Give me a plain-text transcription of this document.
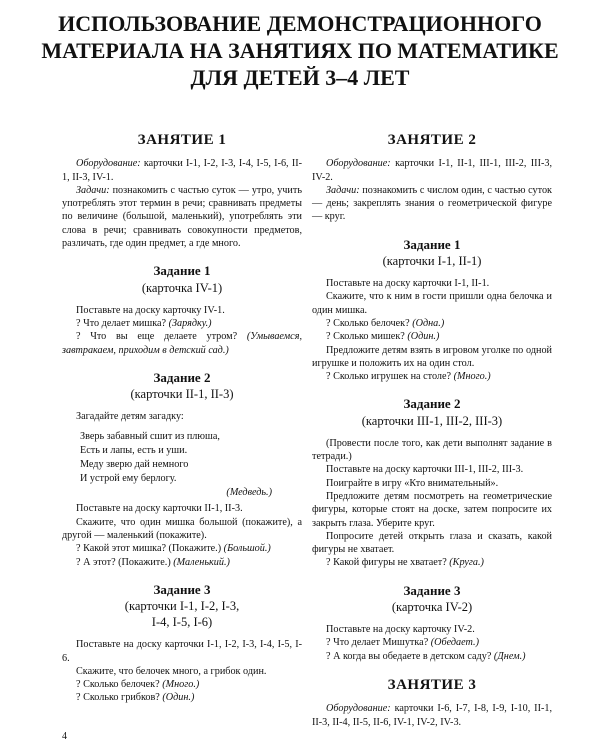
ИСПОЛЬЗОВАНИЕ ДЕМОНСТРАЦИОННОГО
МАТЕРИАЛА НА ЗАНЯТИЯХ ПО МАТЕМАТИКЕ
ДЛЯ ДЕТЕЙ 3–4 ЛЕТ
ЗАНЯТИЕ 1

Оборудование: карточки I-1, I-2, I-3, I-4, I-5, I-6, II-1, II-3, IV-1.

Задачи: познакомить с частью суток — утро, учить употреблять этот термин в речи; сравнивать предметы по величине (большой, маленький), употреблять эти слова в речи; сравнивать совокупности предметов, различать, где один предмет, а где много.

Задание 1
(карточка IV-1)

Поставьте на доску карточку IV-1.

? Что делает мишка? (Зарядку.)

? Что вы еще делаете утром? (Умываемся, завтракаем, приходим в детский сад.)

Задание 2
(карточки II-1, II-3)

Загадайте детям загадку:

Зверь забавный сшит из плюша,
Есть и лапы, есть и уши.
Меду зверю дай немного
И устрой ему берлогу.
(Медведь.)

Поставьте на доску карточки II-1, II-3.

Скажите, что один мишка большой (покажите), а другой — маленький (покажите).

? Какой этот мишка? (Покажите.) (Большой.)

? А этот? (Покажите.) (Маленький.)

Задание 3
(карточки I-1, I-2, I-3,
I-4, I-5, I-6)

Поставьте на доску карточки I-1, I-2, I-3, I-4, I-5, I-6.

Скажите, что белочек много, а грибок один.

? Сколько белочек? (Много.)

? Сколько грибков? (Один.)

ЗАНЯТИЕ 2

Оборудование: карточки I-1, II-1, III-1, III-2, III-3, IV-2.

Задачи: познакомить с числом один, с частью суток — день; закреплять знания о геометрической фигуре — круг.

Задание 1
(карточки I-1, II-1)

Поставьте на доску карточки I-1, II-1.

Скажите, что к ним в гости пришли одна белочка и один мишка.

? Сколько белочек? (Одна.)

? Сколько мишек? (Один.)

Предложите детям взять в игровом уголке по одной игрушке и положить их на один стол.

? Сколько игрушек на столе? (Много.)

Задание 2
(карточки III-1, III-2, III-3)

(Провести после того, как дети выполнят задание в тетради.)

Поставьте на доску карточки III-1, III-2, III-3.

Поиграйте в игру «Кто внимательный».

Предложите детям посмотреть на геометрические фигуры, которые стоят на доске, затем попросите их закрыть глаза. Уберите круг.

Попросите детей открыть глаза и сказать, какой фигуры не хватает.

? Какой фигуры не хватает? (Круга.)

Задание 3
(карточка IV-2)

Поставьте на доску карточку IV-2.

? Что делает Мишутка? (Обедает.)

? А когда вы обедаете в детском саду? (Днем.)

ЗАНЯТИЕ 3

Оборудование: карточки I-6, I-7, I-8, I-9, I-10, II-1, II-3, II-4, II-5, II-6, IV-1, IV-2, IV-3.

4
